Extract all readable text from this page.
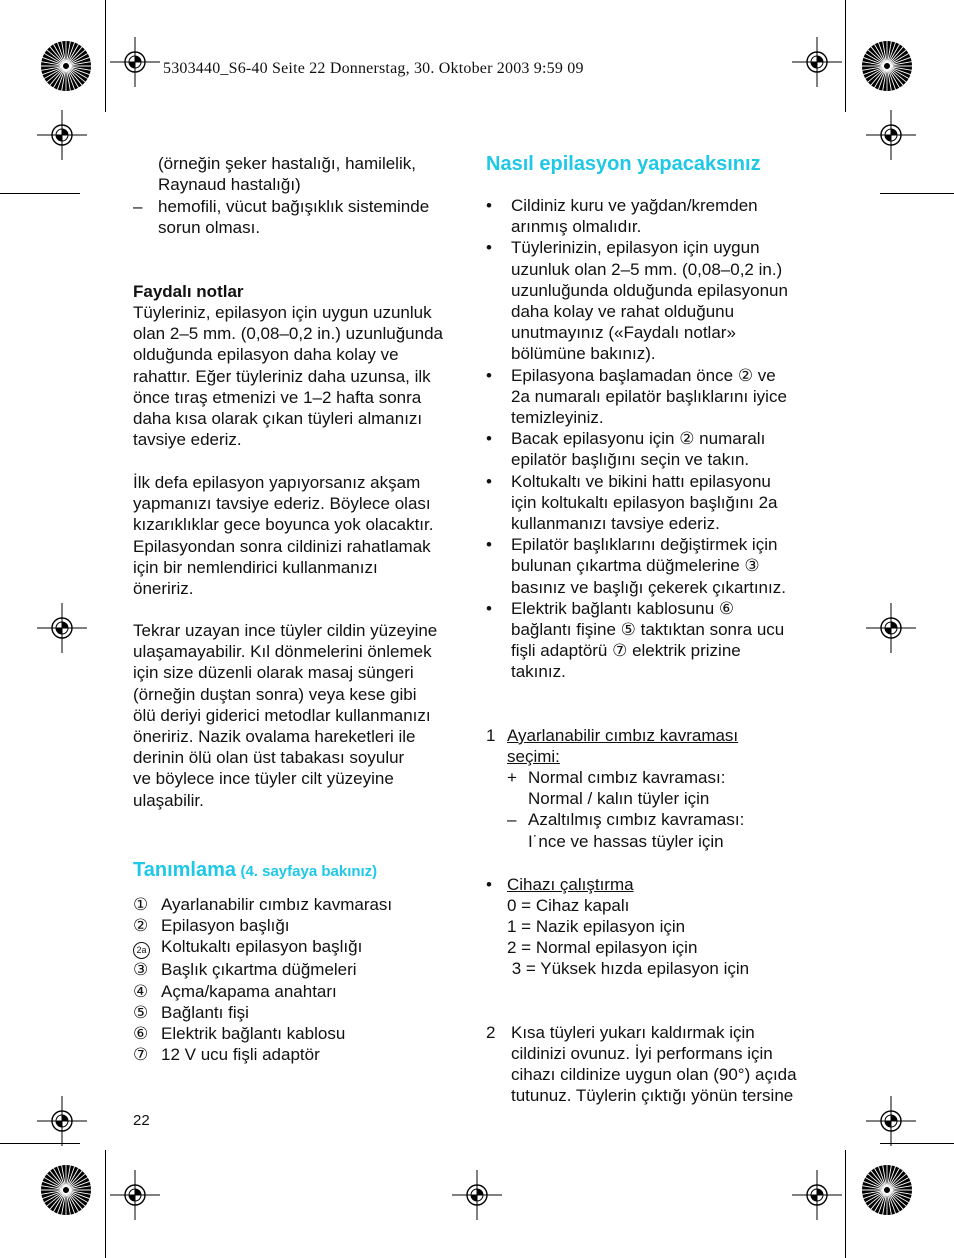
5303440_S6-40 Seite 22 Donnerstag, 30. Oktober 2003 9:59 09
(örneğin şeker hastalığı, hamilelik,
Raynaud hastalığı)
– hemofili, vücut bağışıklık sisteminde
sorun olması.
Faydalı notlar
Tüyleriniz, epilasyon için uygun uzunluk
olan 2–5 mm. (0,08–0,2 in.) uzunluğunda
olduğunda epilasyon daha kolay ve
rahattır. Eğer tüyleriniz daha uzunsa, ilk
önce tıraş etmenizi ve 1–2 hafta sonra
daha kısa olarak çıkan tüyleri almanızı
tavsiye ederiz.
İlk defa epilasyon yapıyorsanız akşam
yapmanızı tavsiye ederiz. Böylece olası
kızarıklıklar gece boyunca yok olacaktır.
Epilasyondan sonra cildinizi rahatlamak
için bir nemlendirici kullanmanızı
öneririz.
Tekrar uzayan ince tüyler cildin yüzeyine
ulaşamayabilir. Kıl dönmelerini önlemek
için size düzenli olarak masaj süngeri
(örneğin duştan sonra) veya kese gibi
ölü deriyi giderici metodlar kullanmanızı
öneririz. Nazik ovalama hareketleri ile
derinin ölü olan üst tabakası soyulur
ve böylece ince tüyler cilt yüzeyine
ulaşabilir.
Tanımlama (4. sayfaya bakınız)
① Ayarlanabilir cımbız kavmarası
② Epilasyon başlığı
2a Koltukaltı epilasyon başlığı
③ Başlık çıkartma düğmeleri
④ Açma/kapama anahtarı
⑤ Bağlantı fişi
⑥ Elektrik bağlantı kablosu
⑦ 12 V ucu fişli adaptör
22
Nasıl epilasyon yapacaksınız
• Cildiniz kuru ve yağdan/kremden
arınmış olmalıdır.
• Tüylerinizin, epilasyon için uygun
uzunluk olan 2–5 mm. (0,08–0,2 in.)
uzunluğunda olduğunda epilasyonun
daha kolay ve rahat olduğunu
unutmayınız («Faydalı notlar»
bölümüne bakınız).
• Epilasyona başlamadan önce ② ve
2a numaralı epilatör başlıklarını iyice
temizleyiniz.
• Bacak epilasyonu için ② numaralı
epilatör başlığını seçin ve takın.
• Koltukaltı ve bikini hattı epilasyonu
için koltukaltı epilasyon başlığını 2a
kullanmanızı tavsiye ederiz.
• Epilatör başlıklarını değiştirmek için
bulunan çıkartma düğmelerine ③
basınız ve başlığı çekerek çıkartınız.
• Elektrik bağlantı kablosunu ⑥
bağlantı fişine ⑤ taktıktan sonra ucu
fişli adaptörü ⑦ elektrik prizine
takınız.
1 Ayarlanabilir cımbız kavraması
seçimi:
+ Normal cımbız kavraması:
Normal / kalın tüyler için
– Azaltılmış cımbız kavraması:
I˙nce ve hassas tüyler için
• Cihazı çalıştırma
0 = Cihaz kapalı
1 = Nazik epilasyon için
2 = Normal epilasyon için
3 = Yüksek hızda epilasyon için
2 Kısa tüyleri yukarı kaldırmak için
cildinizi ovunuz. İyi performans için
cihazı cildinize uygun olan (90°) açıda
tutunuz. Tüylerin çıktığı yönün tersine
